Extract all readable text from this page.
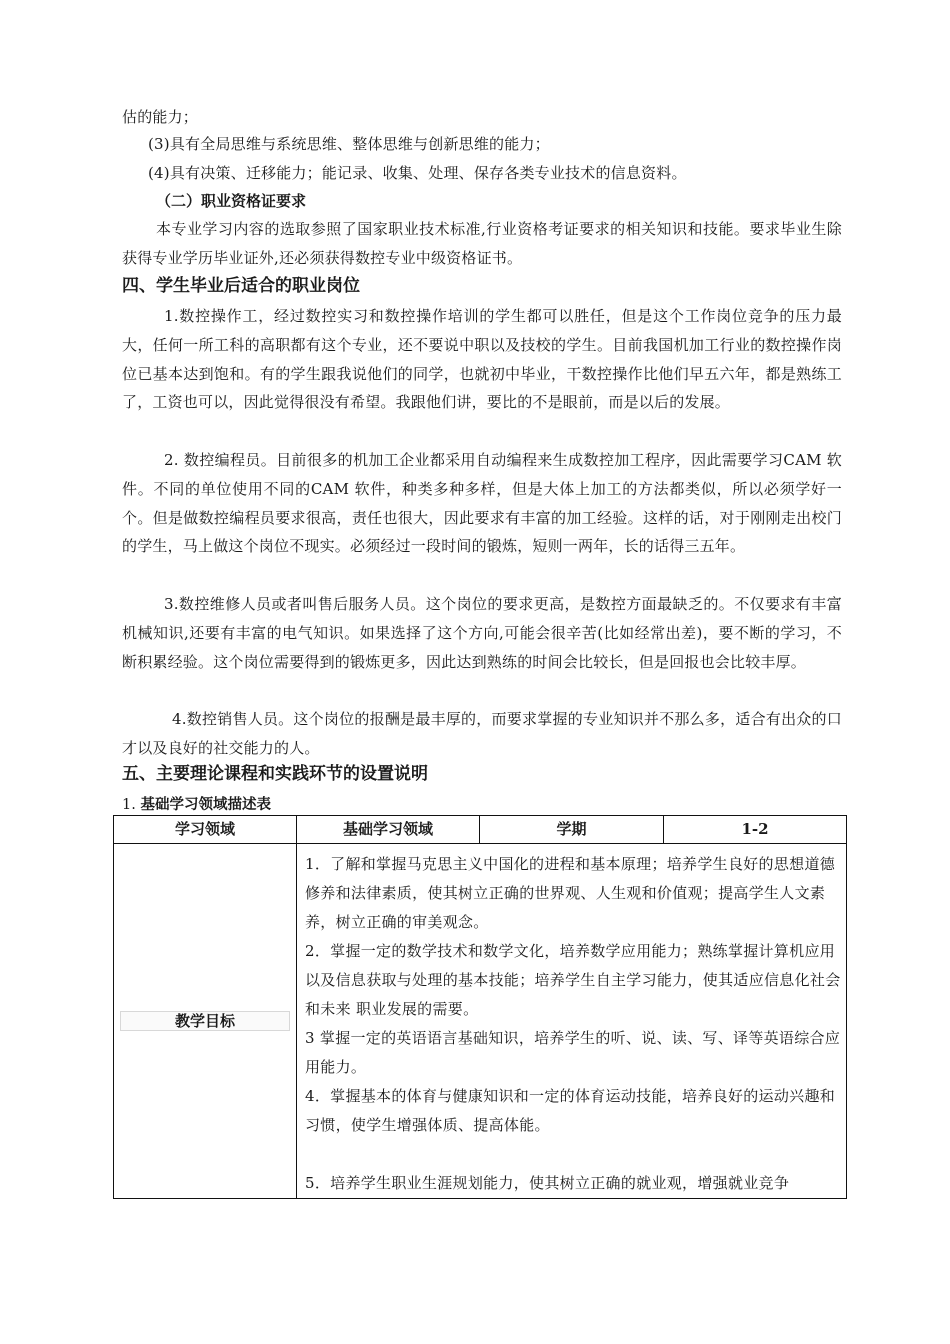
估的能力；
(3)具有全局思维与系统思维、整体思维与创新思维的能力；
(4)具有决策、迁移能力；能记录、收集、处理、保存各类专业技术的信息资料。
（二）职业资格证要求
本专业学习内容的选取参照了国家职业技术标准,行业资格考证要求的相关知识和技能。要求毕业生除获得专业学历毕业证外,还必须获得数控专业中级资格证书。
四、学生毕业后适合的职业岗位
1.数控操作工，经过数控实习和数控操作培训的学生都可以胜任，但是这个工作岗位竞争的压力最大，任何一所工科的高职都有这个专业，还不要说中职以及技校的学生。目前我国机加工行业的数控操作岗位已基本达到饱和。有的学生跟我说他们的同学，也就初中毕业，干数控操作比他们早五六年，都是熟练工了，工资也可以，因此觉得很没有希望。我跟他们讲，要比的不是眼前，而是以后的发展。
2. 数控编程员。目前很多的机加工企业都采用自动编程来生成数控加工程序，因此需要学习CAM 软件。不同的单位使用不同的CAM 软件，种类多种多样，但是大体上加工的方法都类似，所以必须学好一个。但是做数控编程员要求很高，责任也很大，因此要求有丰富的加工经验。这样的话，对于刚刚走出校门的学生，马上做这个岗位不现实。必须经过一段时间的锻炼，短则一两年，长的话得三五年。
3.数控维修人员或者叫售后服务人员。这个岗位的要求更高，是数控方面最缺乏的。不仅要求有丰富机械知识,还要有丰富的电气知识。如果选择了这个方向,可能会很辛苦(比如经常出差)，要不断的学习，不断积累经验。这个岗位需要得到的锻炼更多，因此达到熟练的时间会比较长，但是回报也会比较丰厚。
4.数控销售人员。这个岗位的报酬是最丰厚的，而要求掌握的专业知识并不那么多，适合有出众的口才以及良好的社交能力的人。
五、主要理论课程和实践环节的设置说明
1. 基础学习领域描述表
学习领域	基础学习领域	学期	1-2
教学目标	1．了解和掌握马克思主义中国化的进程和基本原理；培养学生良好的思想道德修养和法律素质，使其树立正确的世界观、人生观和价值观；提高学生人文素养，树立正确的审美观念。
2．掌握一定的数学技术和数学文化，培养数学应用能力；熟练掌握计算机应用以及信息获取与处理的基本技能；培养学生自主学习能力，使其适应信息化社会和未来 职业发展的需要。
3 掌握一定的英语语言基础知识，培养学生的听、说、读、写、译等英语综合应用能力。
4．掌握基本的体育与健康知识和一定的体育运动技能，培养良好的运动兴趣和习惯，使学生增强体质、提高体能。
5．培养学生职业生涯规划能力，使其树立正确的就业观，增强就业竞争		
